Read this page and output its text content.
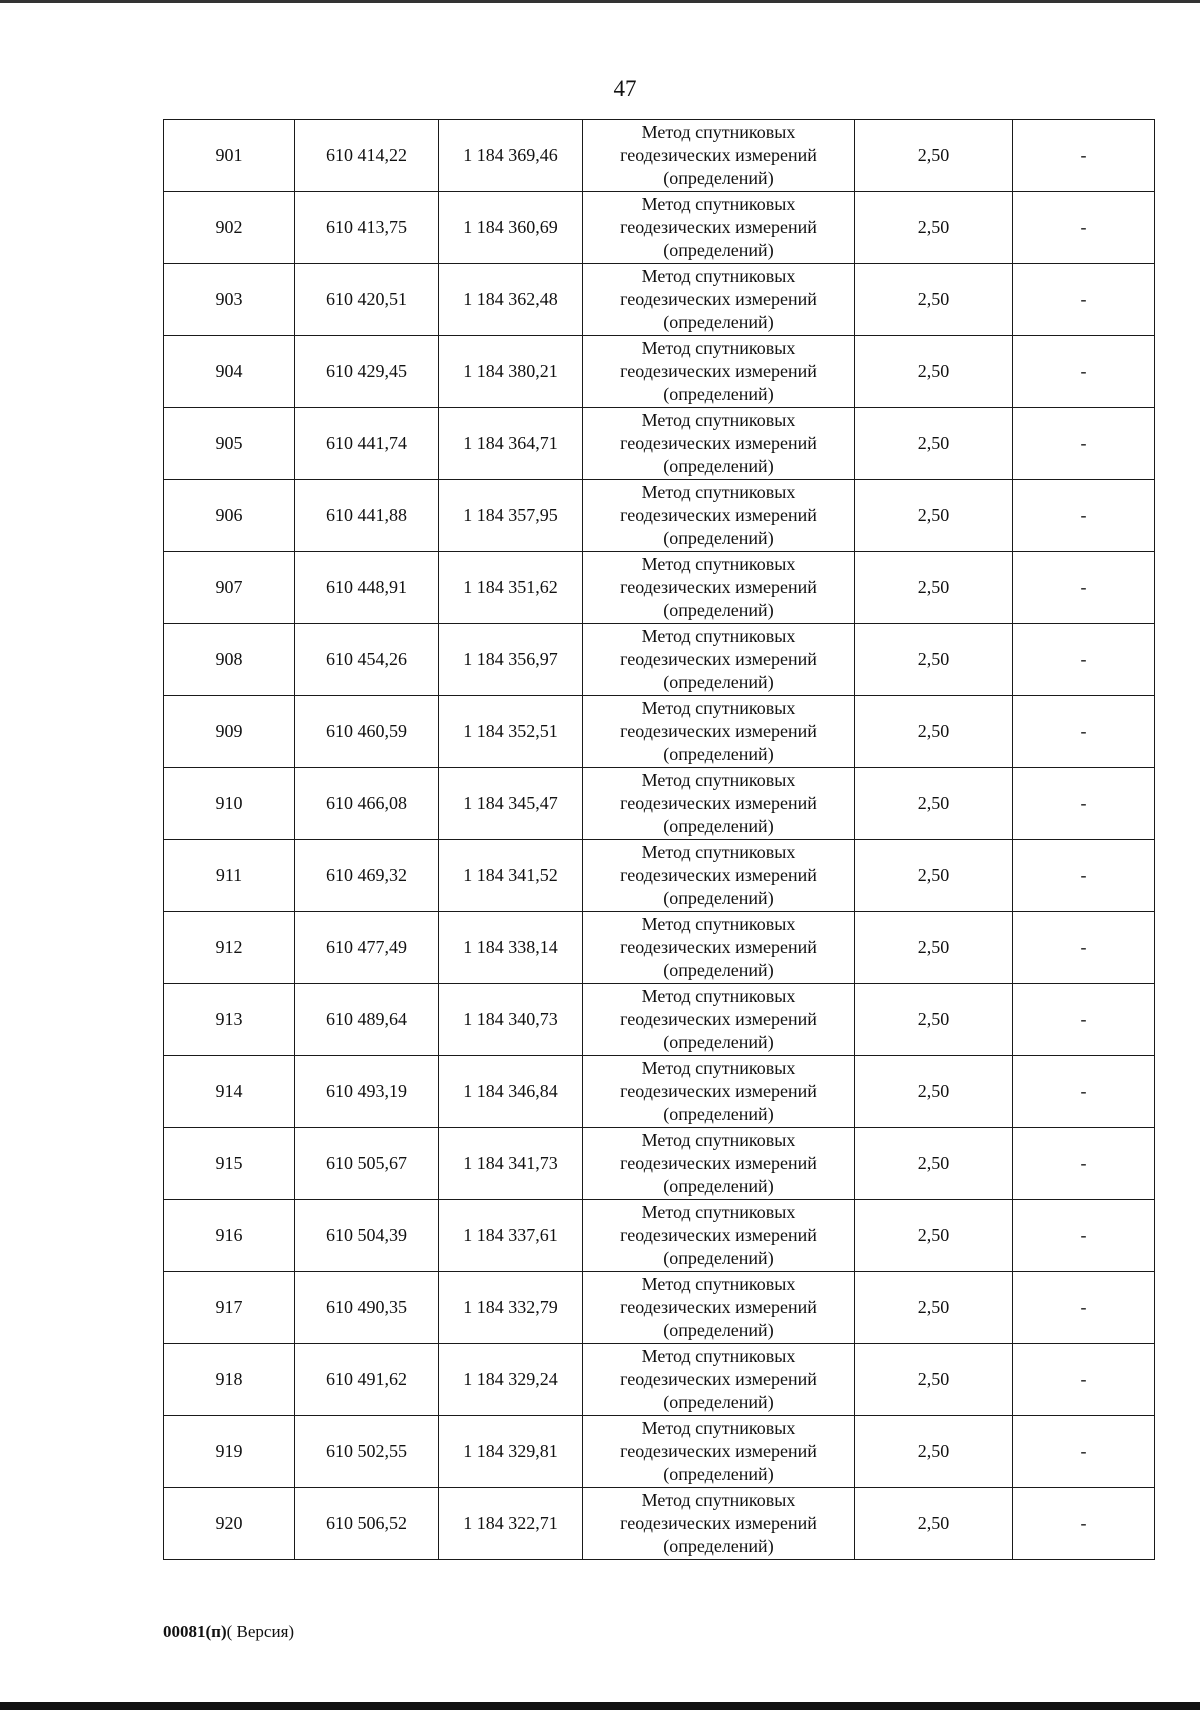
47
901	610 414,22	1 184 369,46	Метод спутниковых
геодезических измерений
(определений)	2,50	-
902	610 413,75	1 184 360,69	Метод спутниковых
геодезических измерений
(определений)	2,50	-
903	610 420,51	1 184 362,48	Метод спутниковых
геодезических измерений
(определений)	2,50	-
904	610 429,45	1 184 380,21	Метод спутниковых
геодезических измерений
(определений)	2,50	-
905	610 441,74	1 184 364,71	Метод спутниковых
геодезических измерений
(определений)	2,50	-
906	610 441,88	1 184 357,95	Метод спутниковых
геодезических измерений
(определений)	2,50	-
907	610 448,91	1 184 351,62	Метод спутниковых
геодезических измерений
(определений)	2,50	-
908	610 454,26	1 184 356,97	Метод спутниковых
геодезических измерений
(определений)	2,50	-
909	610 460,59	1 184 352,51	Метод спутниковых
геодезических измерений
(определений)	2,50	-
910	610 466,08	1 184 345,47	Метод спутниковых
геодезических измерений
(определений)	2,50	-
911	610 469,32	1 184 341,52	Метод спутниковых
геодезических измерений
(определений)	2,50	-
912	610 477,49	1 184 338,14	Метод спутниковых
геодезических измерений
(определений)	2,50	-
913	610 489,64	1 184 340,73	Метод спутниковых
геодезических измерений
(определений)	2,50	-
914	610 493,19	1 184 346,84	Метод спутниковых
геодезических измерений
(определений)	2,50	-
915	610 505,67	1 184 341,73	Метод спутниковых
геодезических измерений
(определений)	2,50	-
916	610 504,39	1 184 337,61	Метод спутниковых
геодезических измерений
(определений)	2,50	-
917	610 490,35	1 184 332,79	Метод спутниковых
геодезических измерений
(определений)	2,50	-
918	610 491,62	1 184 329,24	Метод спутниковых
геодезических измерений
(определений)	2,50	-
919	610 502,55	1 184 329,81	Метод спутниковых
геодезических измерений
(определений)	2,50	-
920	610 506,52	1 184 322,71	Метод спутниковых
геодезических измерений
(определений)	2,50	-
00081(п)( Версия)
